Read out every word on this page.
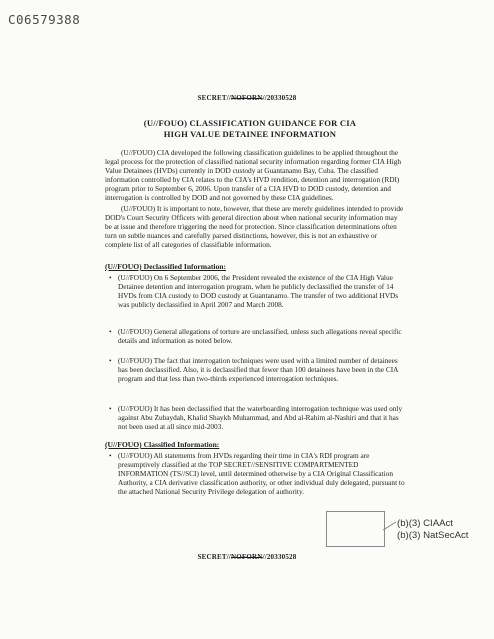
C06579388
SECRET//NOFORN//20330528
(U//FOUO) CLASSIFICATION GUIDANCE FOR CIA
HIGH VALUE DETAINEE INFORMATION
(U//FOUO) CIA developed the following classification guidelines to be applied throughout the legal process for the protection of classified national security information regarding former CIA High Value Detainees (HVDs) currently in DOD custody at Guantanamo Bay, Cuba. The classified information controlled by CIA relates to the CIA's HVD rendition, detention and interrogation (RDI) program prior to September 6, 2006. Upon transfer of a CIA HVD to DOD custody, detention and interrogation is controlled by DOD and not governed by these CIA guidelines.
(U//FOUO) It is important to note, however, that these are merely guidelines intended to provide DOD's Court Security Officers with general direction about when national security information may be at issue and therefore triggering the need for protection. Since classification determinations often turn on subtle nuances and carefully parsed distinctions, however, this is not an exhaustive or complete list of all categories of classifiable information.
(U//FOUO) Declassified Information:
• (U//FOUO) On 6 September 2006, the President revealed the existence of the CIA High Value Detainee detention and interrogation program, when he publicly declassified the transfer of 14 HVDs from CIA custody to DOD custody at Guantanamo. The transfer of two additional HVDs was publicly declassified in April 2007 and March 2008.
• (U//FOUO) General allegations of torture are unclassified, unless such allegations reveal specific details and information as noted below.
• (U//FOUO) The fact that interrogation techniques were used with a limited number of detainees has been declassified. Also, it is declassified that fewer than 100 detainees have been in the CIA program and that less than two-thirds experienced interrogation techniques.
• (U//FOUO) It has been declassified that the waterboarding interrogation technique was used only against Abu Zubaydah, Khalid Shaykh Muhammad, and Abd al-Rahim al-Nashiri and that it has not been used at all since mid-2003.
(U//FOUO) Classified Information:
• (U//FOUO) All statements from HVDs regarding their time in CIA's RDI program are presumptively classified at the TOP SECRET//SENSITIVE COMPARTMENTED INFORMATION (TS//SCI) level, until determined otherwise by a CIA Original Classification Authority, a CIA derivative classification authority, or other individual duly delegated, pursuant to the attached National Security Privilege delegation of authority.
(b)(3) CIAAct
(b)(3) NatSecAct
SECRET//NOFORN//20330528
